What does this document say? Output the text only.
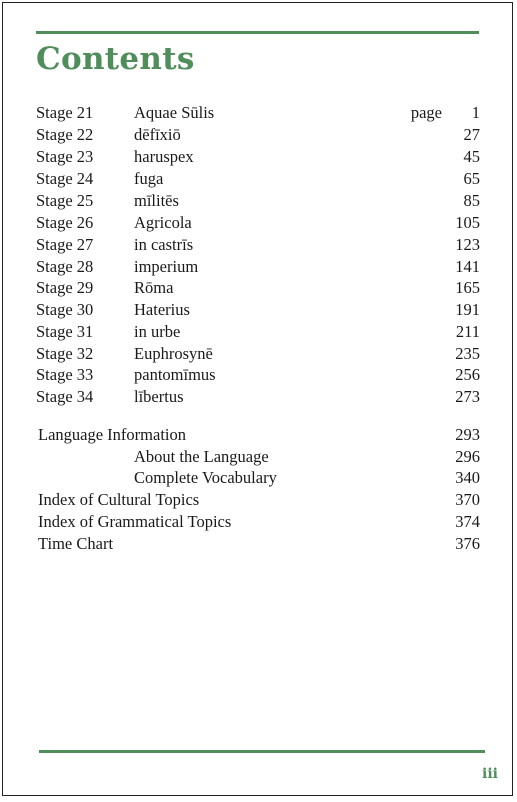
Contents
Stage 21 Aquae Sūlis	page 1
Stage 22 dēfīxiō	27
Stage 23 haruspex	45
Stage 24 fuga	65
Stage 25 mīlitēs	85
Stage 26 Agricola	105
Stage 27 in castrīs	123
Stage 28 imperium	141
Stage 29 Rōma	165
Stage 30 Haterius	191
Stage 31 in urbe	211
Stage 32 Euphrosynē	235
Stage 33 pantomīmus	256
Stage 34 lībertus	273
Language Information	293
About the Language	296
Complete Vocabulary	340
Index of Cultural Topics	370
Index of Grammatical Topics	374
Time Chart	376
iii
